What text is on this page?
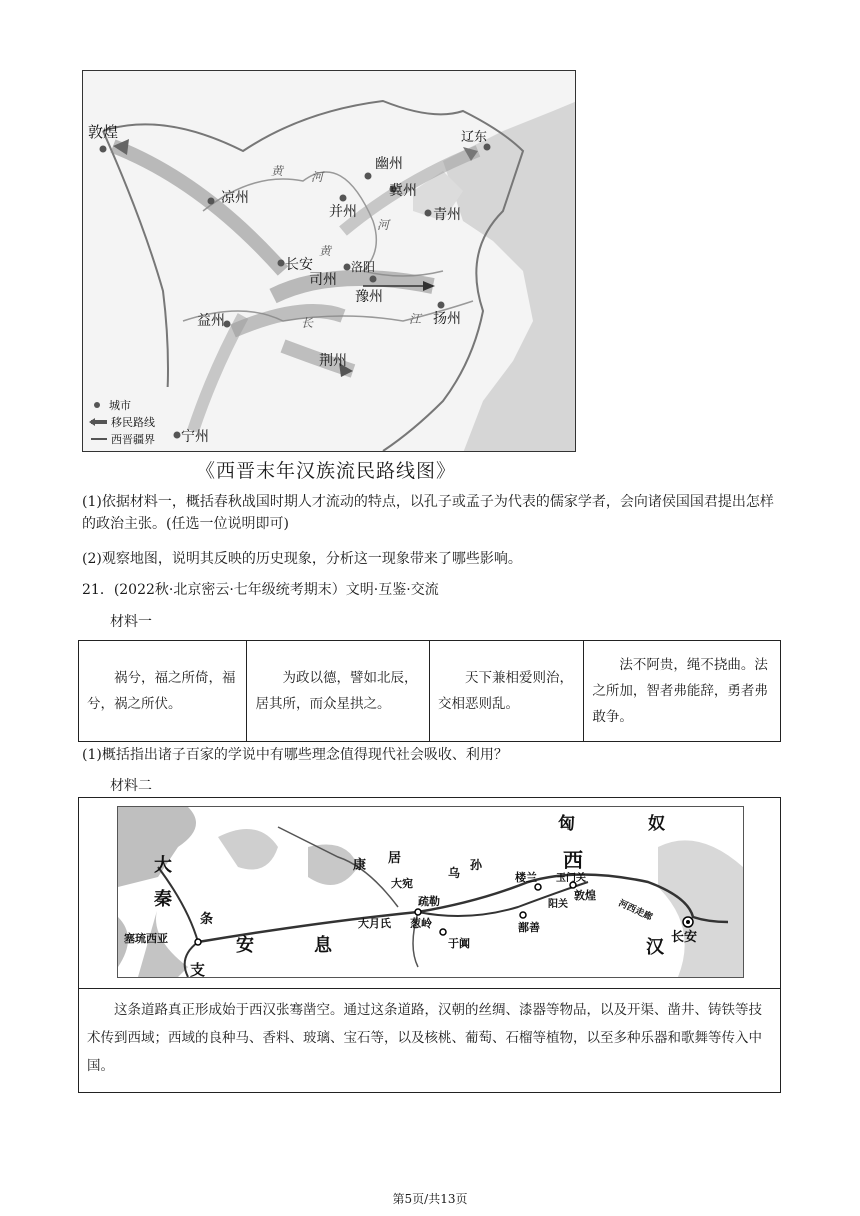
敦煌
凉州
并州
幽州
冀州
辽东
青州
长安
司州
洛阳
豫州
扬州
益州
荆州
宁州
黄 河
黄
河
长	江
城市
移民路线
西晋疆界
《西晋末年汉族流民路线图》
(1)依据材料一，概括春秋战国时期人才流动的特点，以孔子或孟子为代表的儒家学者，会向诸侯国国君提出怎样的政治主张。(任选一位说明即可)
(2)观察地图，说明其反映的历史现象，分析这一现象带来了哪些影响。
21．(2022秋·北京密云·七年级统考期末）文明·互鉴·交流
材料一
祸兮，福之所倚，福兮，祸之所伏。	为政以德，譬如北辰，居其所，而众星拱之。	天下兼相爱则治，交相恶则乱。	法不阿贵，绳不挠曲。法之所加，智者弗能辞，勇者弗敢争。
(1)概括指出诸子百家的学说中有哪些理念值得现代社会吸收、利用？
材料二
匈	奴
大
秦
条
支
安	息
康 居
乌
孙
大宛
疏勒
楼兰 玉门关
西
敦煌
阳关
鄯善
大月氏 葱岭
于阗
塞琉西亚
河西走廊
长安
汉
这条道路真正形成始于西汉张骞凿空。通过这条道路，汉朝的丝绸、漆器等物品，以及开渠、凿井、铸铁等技术传到西域；西域的良种马、香料、玻璃、宝石等，以及核桃、葡萄、石榴等植物，以至多种乐器和歌舞等传入中国。
第5页/共13页
